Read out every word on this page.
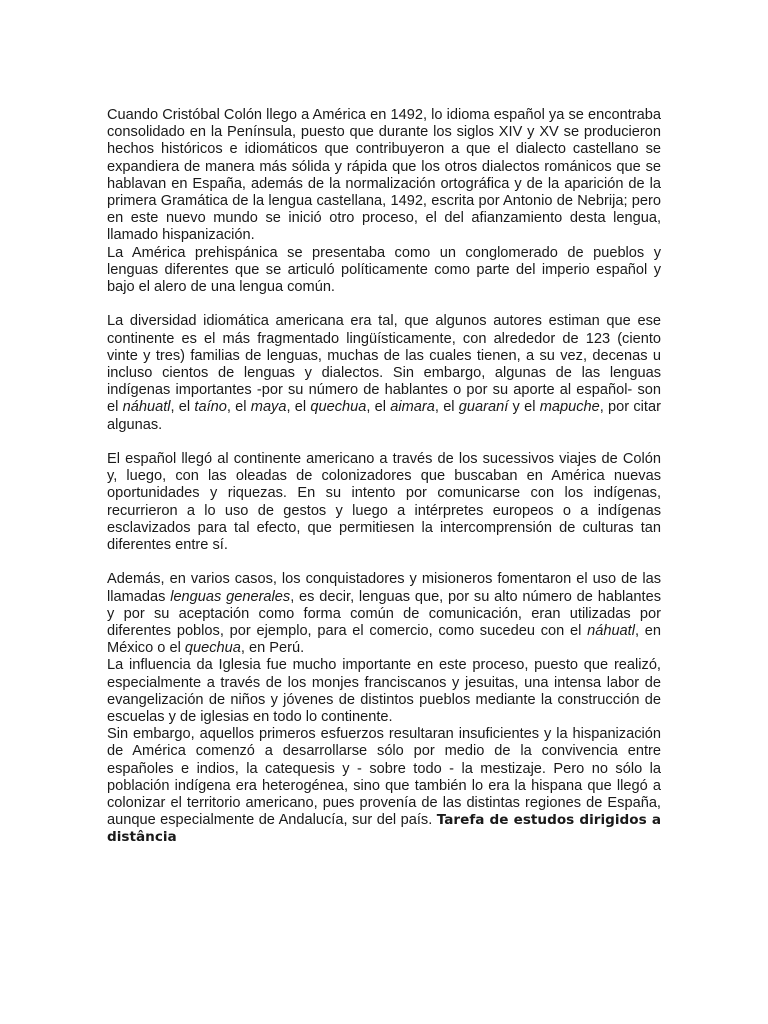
Cuando Cristóbal Colón llego a América en 1492, lo idioma español ya se encontraba consolidado en la Península, puesto que durante los siglos XIV y XV se producieron hechos históricos e idiomáticos que contribuyeron a que el dialecto castellano se expandiera de manera más sólida y rápida que los otros dialectos románicos que se hablavan en España, además de la normalización ortográfica y de la aparición de la primera Gramática de la lengua castellana, 1492, escrita por Antonio de Nebrija; pero en este nuevo mundo se inició otro proceso, el del afianzamiento desta lengua, llamado hispanización.

La América prehispánica se presentaba como un conglomerado de pueblos y lenguas diferentes que se articuló políticamente como parte del imperio español y bajo el alero de una lengua común.

La diversidad idiomática americana era tal, que algunos autores estiman que ese continente es el más fragmentado lingüísticamente, con alrededor de 123 (ciento vinte y tres) familias de lenguas, muchas de las cuales tienen, a su vez, decenas u incluso cientos de lenguas y dialectos. Sin embargo, algunas de las lenguas indígenas importantes -por su número de hablantes o por su aporte al español- son el náhuatl, el taíno, el maya, el quechua, el aimara, el guaraní y el mapuche, por citar algunas.

El español llegó al continente americano a través de los sucessivos viajes de Colón y, luego, con las oleadas de colonizadores que buscaban en América nuevas oportunidades y riquezas. En su intento por comunicarse con los indígenas, recurrieron a lo uso de gestos y luego a intérpretes europeos o a indígenas esclavizados para tal efecto, que permitiesen la intercomprensión de culturas tan diferentes entre sí.

Además, en varios casos, los conquistadores y misioneros fomentaron el uso de las llamadas lenguas generales, es decir, lenguas que, por su alto número de hablantes y por su aceptación como forma común de comunicación, eran utilizadas por diferentes poblos, por ejemplo, para el comercio, como sucedeu con el náhuatl, en México o el quechua, en Perú.

La influencia da Iglesia fue mucho importante en este proceso, puesto que realizó, especialmente a través de los monjes franciscanos y jesuitas, una intensa labor de evangelización de niños y jóvenes de distintos pueblos mediante la construcción de escuelas y de iglesias en todo lo continente.

Sin embargo, aquellos primeros esfuerzos resultaran insuficientes y la hispanización de América comenzó a desarrollarse sólo por medio de la convivencia entre españoles e indios, la catequesis y - sobre todo - la mestizaje. Pero no sólo la población indígena era heterogénea, sino que también lo era la hispana que llegó a colonizar el territorio americano, pues provenía de las distintas regiones de España, aunque especialmente de Andalucía, sur del país. Tarefa de estudos dirigidos a distância
